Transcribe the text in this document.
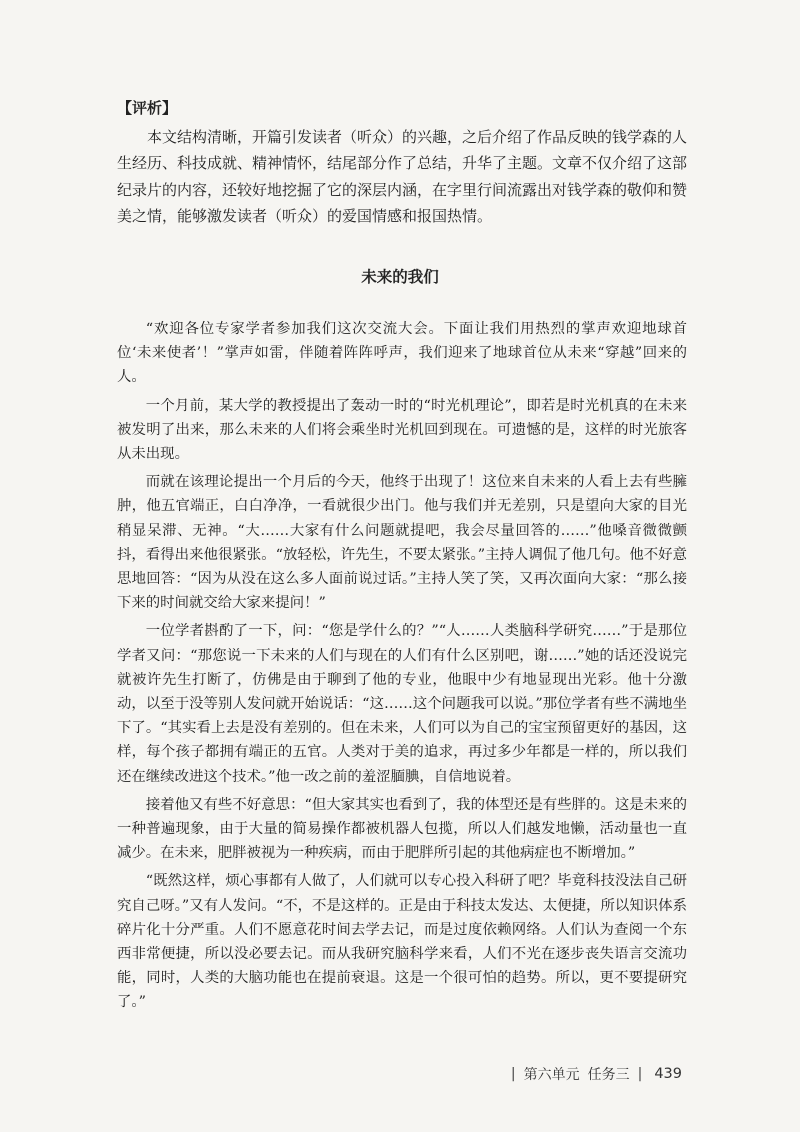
【评析】

本文结构清晰，开篇引发读者（听众）的兴趣，之后介绍了作品反映的钱学森的人生经历、科技成就、精神情怀，结尾部分作了总结，升华了主题。文章不仅介绍了这部纪录片的内容，还较好地挖掘了它的深层内涵，在字里行间流露出对钱学森的敬仰和赞美之情，能够激发读者（听众）的爱国情感和报国热情。

未来的我们

“欢迎各位专家学者参加我们这次交流大会。下面让我们用热烈的掌声欢迎地球首位‘未来使者’！”掌声如雷，伴随着阵阵呼声，我们迎来了地球首位从未来“穿越”回来的人。

一个月前，某大学的教授提出了轰动一时的“时光机理论”，即若是时光机真的在未来被发明了出来，那么未来的人们将会乘坐时光机回到现在。可遗憾的是，这样的时光旅客从未出现。

而就在该理论提出一个月后的今天，他终于出现了！这位来自未来的人看上去有些臃肿，他五官端正，白白净净，一看就很少出门。他与我们并无差别，只是望向大家的目光稍显呆滞、无神。“大……大家有什么问题就提吧，我会尽量回答的……”他嗓音微微颤抖，看得出来他很紧张。“放轻松，许先生，不要太紧张。”主持人调侃了他几句。他不好意思地回答：“因为从没在这么多人面前说过话。”主持人笑了笑，又再次面向大家：“那么接下来的时间就交给大家来提问！”

一位学者斟酌了一下，问：“您是学什么的？”“人……人类脑科学研究……”于是那位学者又问：“那您说一下未来的人们与现在的人们有什么区别吧，谢……”她的话还没说完就被许先生打断了，仿佛是由于聊到了他的专业，他眼中少有地显现出光彩。他十分激动，以至于没等别人发问就开始说话：“这……这个问题我可以说。”那位学者有些不满地坐下了。“其实看上去是没有差别的。但在未来，人们可以为自己的宝宝预留更好的基因，这样，每个孩子都拥有端正的五官。人类对于美的追求，再过多少年都是一样的，所以我们还在继续改进这个技术。”他一改之前的羞涩腼腆，自信地说着。

接着他又有些不好意思：“但大家其实也看到了，我的体型还是有些胖的。这是未来的一种普遍现象，由于大量的简易操作都被机器人包揽，所以人们越发地懒，活动量也一直减少。在未来，肥胖被视为一种疾病，而由于肥胖所引起的其他病症也不断增加。”

“既然这样，烦心事都有人做了，人们就可以专心投入科研了吧？毕竟科技没法自己研究自己呀。”又有人发问。“不，不是这样的。正是由于科技太发达、太便捷，所以知识体系碎片化十分严重。人们不愿意花时间去学去记，而是过度依赖网络。人们认为查阅一个东西非常便捷，所以没必要去记。而从我研究脑科学来看，人们不光在逐步丧失语言交流功能，同时，人类的大脑功能也在提前衰退。这是一个很可怕的趋势。所以，更不要提研究了。”

| 第六单元 任务三 | 439
